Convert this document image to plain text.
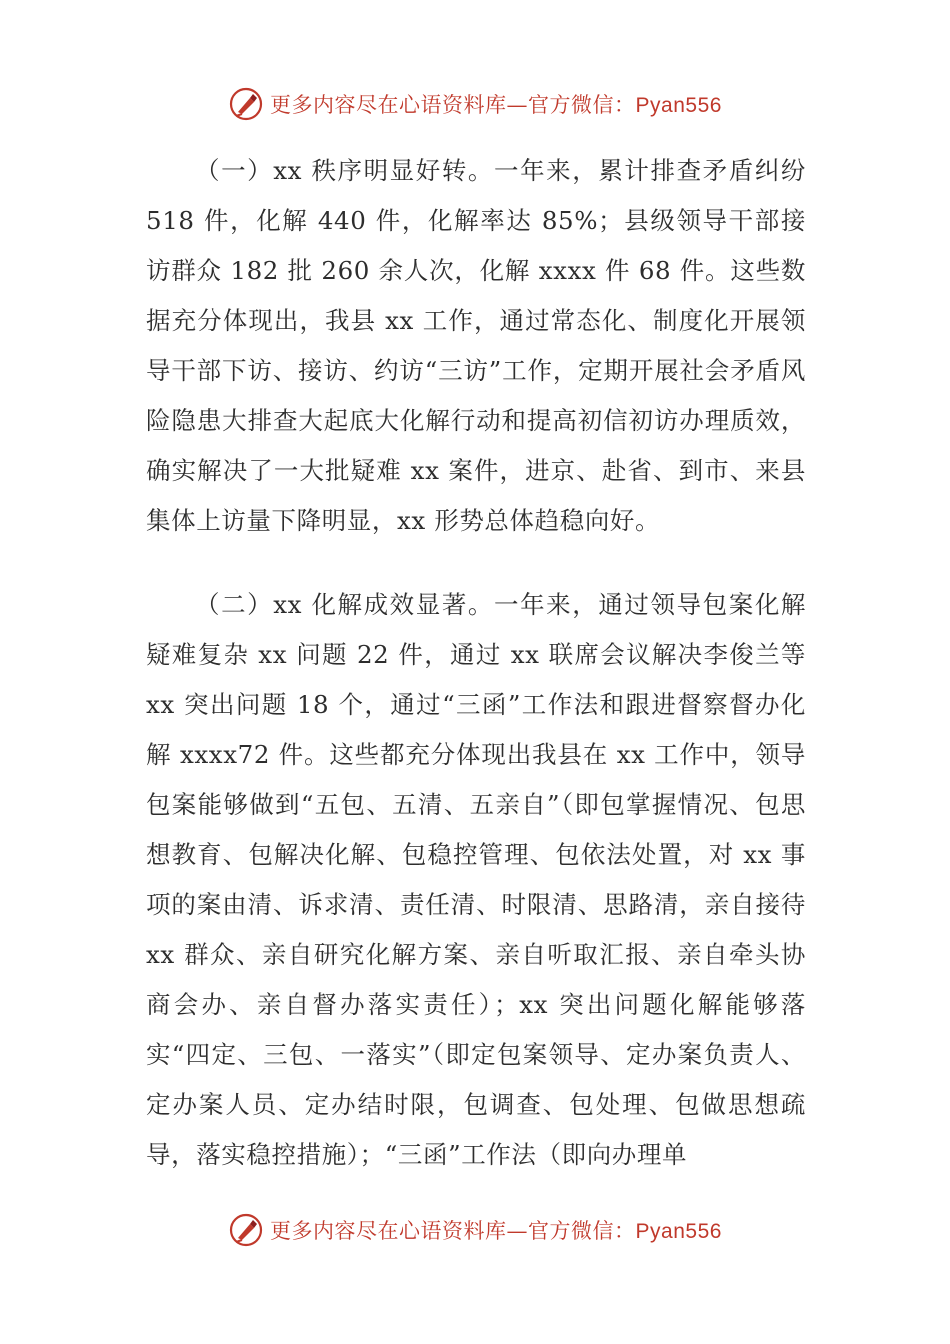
更多内容尽在心语资料库—官方微信：Pyan556

（一）xx 秩序明显好转。一年来，累计排查矛盾纠纷 518 件，化解 440 件，化解率达 85%；县级领导干部接访群众 182 批 260 余人次，化解 xxxx 件 68 件。这些数据充分体现出，我县 xx 工作，通过常态化、制度化开展领导干部下访、接访、约访“三访”工作，定期开展社会矛盾风险隐患大排查大起底大化解行动和提高初信初访办理质效，确实解决了一大批疑难 xx 案件，进京、赴省、到市、来县集体上访量下降明显，xx 形势总体趋稳向好。

（二）xx 化解成效显著。一年来，通过领导包案化解疑难复杂 xx 问题 22 件，通过 xx 联席会议解决李俊兰等 xx 突出问题 18 个，通过“三函”工作法和跟进督察督办化解 xxxx72 件。这些都充分体现出我县在 xx 工作中，领导包案能够做到“五包、五清、五亲自”（即包掌握情况、包思想教育、包解决化解、包稳控管理、包依法处置，对 xx 事项的案由清、诉求清、责任清、时限清、思路清，亲自接待 xx 群众、亲自研究化解方案、亲自听取汇报、亲自牵头协商会办、亲自督办落实责任）；xx 突出问题化解能够落实“四定、三包、一落实”（即定包案领导、定办案负责人、定办案人员、定办结时限，包调查、包处理、包做思想疏导，落实稳控措施）；“三函”工作法（即向办理单

更多内容尽在心语资料库—官方微信：Pyan556
